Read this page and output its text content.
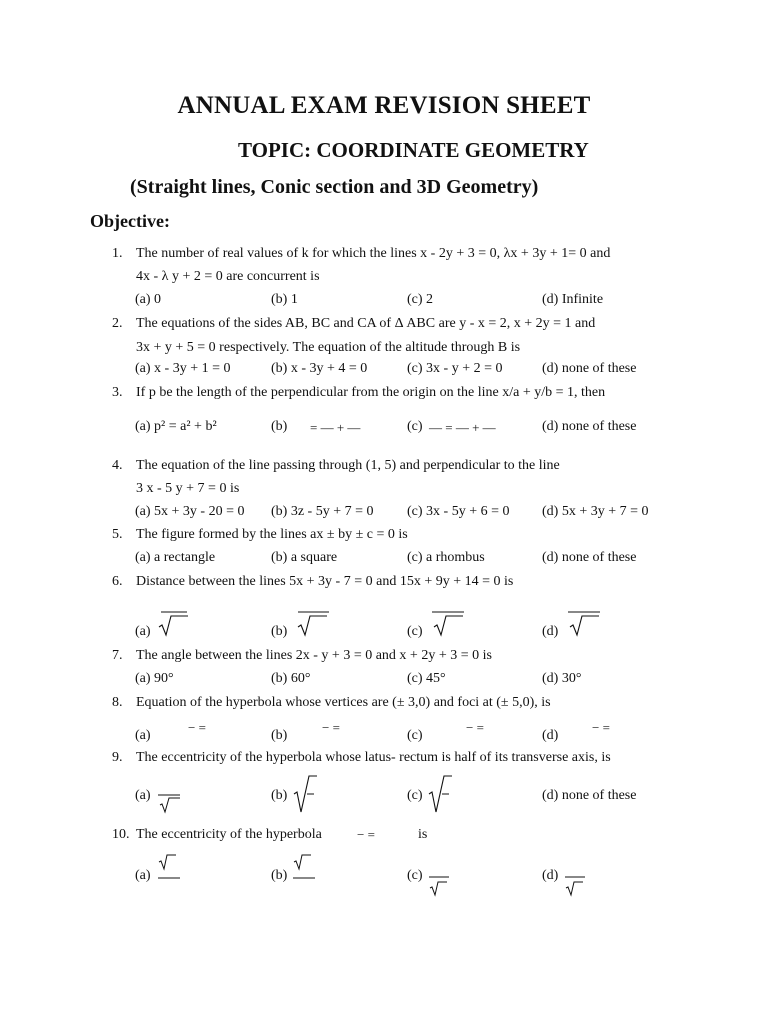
ANNUAL EXAM REVISION SHEET
TOPIC: COORDINATE GEOMETRY
(Straight lines, Conic section and 3D Geometry)
Objective:
1. The number of real values of k for which the lines x - 2y + 3 = 0, λx + 3y + 1= 0 and
4x - λ y + 2 = 0 are concurrent is
(a) 0	(b) 1	(c) 2	(d) Infinite
2. The equations of the sides AB, BC and CA of Δ ABC are y - x = 2, x + 2y = 1 and
3x + y + 5 = 0 respectively. The equation of the altitude through B is
(a) x - 3y + 1 = 0	(b) x - 3y + 4 = 0	(c) 3x - y + 2 = 0	(d) none of these
3. If p be the length of the perpendicular from the origin on the line x/a + y/b = 1, then
(a) p² = a² + b²	(b) = — + —	(c) — = — + —	(d) none of these
4. The equation of the line passing through (1, 5) and perpendicular to the line
3 x - 5 y + 7 = 0 is
(a) 5x + 3y - 20 = 0 (b) 3z - 5y + 7 = 0 (c) 3x - 5y + 6 = 0 (d) 5x + 3y + 7 = 0
5. The figure formed by the lines ax ± by ± c = 0 is
(a) a rectangle	(b) a square	(c) a rhombus	(d) none of these
6. Distance between the lines 5x + 3y - 7 = 0 and 15x + 9y + 14 = 0 is
(a)	(b)	(c)	(d)
7. The angle between the lines 2x - y + 3 = 0 and x + 2y + 3 = 0 is
(a) 90°	(b) 60°	(c) 45°	(d) 30°
8. Equation of the hyperbola whose vertices are (± 3,0) and foci at (± 5,0), is
(a)
− =
(b)
− =
(c)
− =
(d)
− =
9. The eccentricity of the hyperbola whose latus- rectum is half of its transverse axis, is
(a)	(b)	(c)	(d) none of these
10. The eccentricity of the hyperbola	− =	is
(a)	(b)	(c)	(d)
